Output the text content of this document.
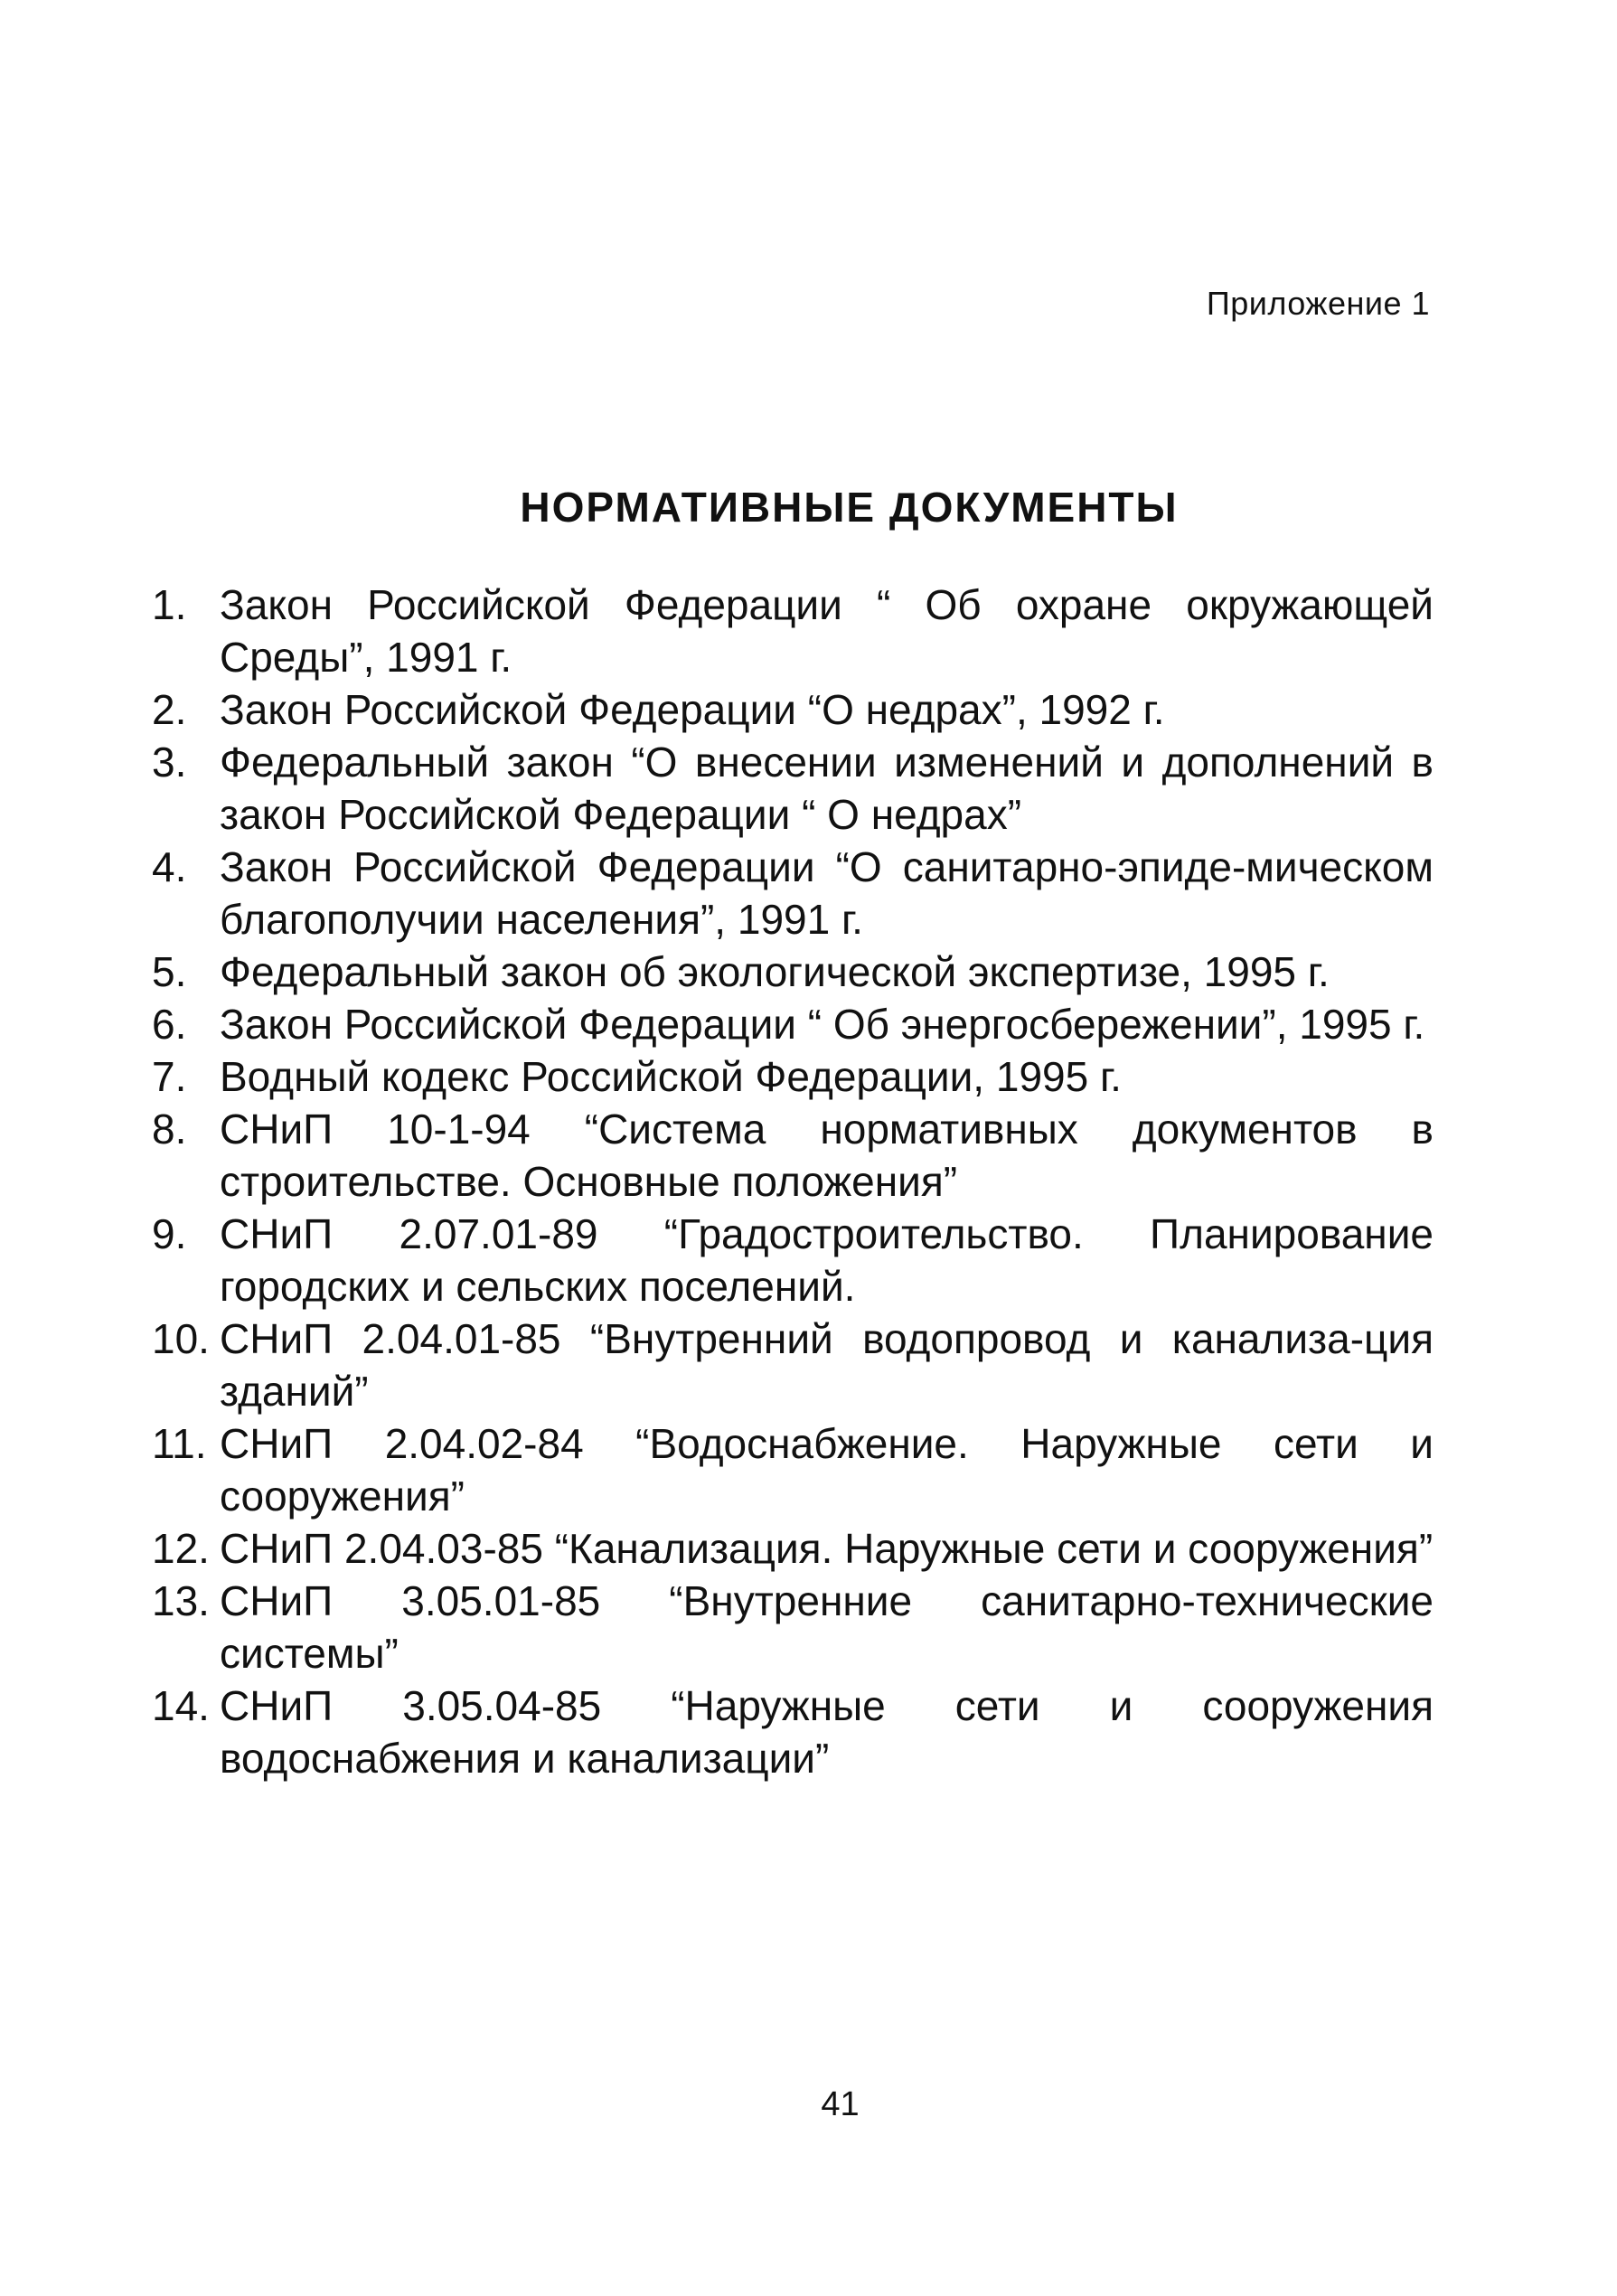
Приложение 1
НОРМАТИВНЫЕ ДОКУМЕНТЫ
1. Закон Российской Федерации “ Об охране окружающей Среды”, 1991 г.
2. Закон Российской Федерации “О недрах”, 1992 г.
3. Федеральный закон “О внесении изменений и дополнений в закон Российской Федерации “ О недрах”
4. Закон Российской Федерации “О санитарно-эпиде-мическом благополучии населения”, 1991 г.
5. Федеральный закон об экологической экспертизе, 1995 г.
6. Закон Российской Федерации “ Об энергосбережении”, 1995 г.
7. Водный кодекс Российской Федерации, 1995 г.
8. СНиП 10-1-94 “Система нормативных документов в строительстве. Основные положения”
9. СНиП 2.07.01-89 “Градостроительство. Планирование городских и сельских поселений.
10. СНиП 2.04.01-85 “Внутренний водопровод и канализа-ция зданий”
11. СНиП 2.04.02-84 “Водоснабжение. Наружные сети и сооружения”
12. СНиП 2.04.03-85 “Канализация. Наружные сети и сооружения”
13. СНиП 3.05.01-85 “Внутренние санитарно-технические системы”
14. СНиП 3.05.04-85 “Наружные сети и сооружения водоснабжения и канализации”
41
